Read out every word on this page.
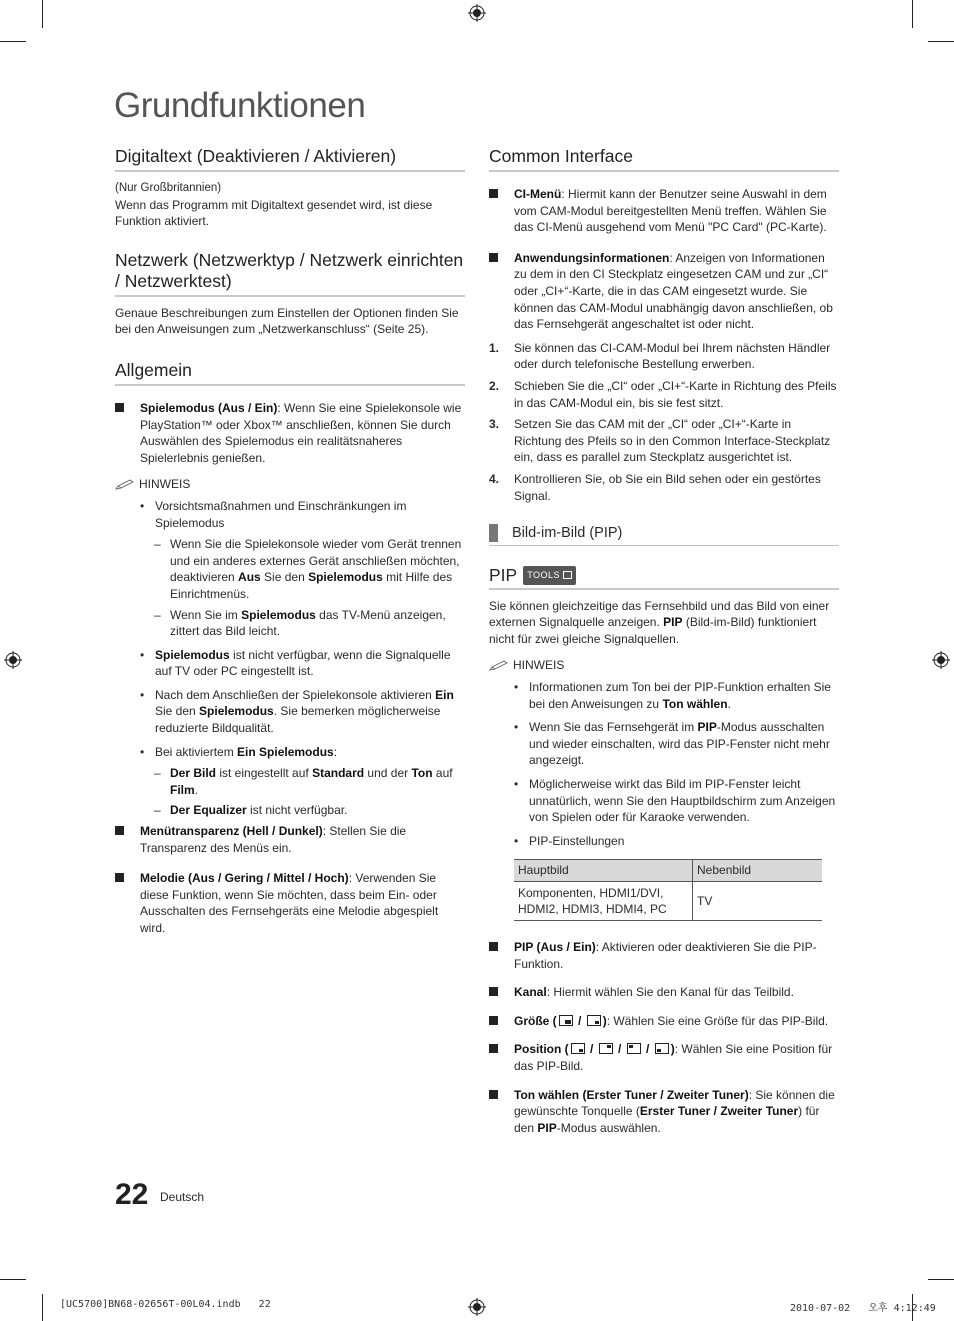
Grundfunktionen
Digitaltext (Deaktivieren / Aktivieren)

(Nur Großbritannien)

Wenn das Programm mit Digitaltext gesendet wird, ist diese Funktion aktiviert.

Netzwerk (Netzwerktyp / Netzwerk einrichten / Netzwerktest)

Genaue Beschreibungen zum Einstellen der Optionen finden Sie bei den Anweisungen zum „Netzwerkanschluss“ (Seite 25).

Allgemein
Spielemodus (Aus / Ein): Wenn Sie eine Spielekonsole wie PlayStation™ oder Xbox™ anschließen, können Sie durch Auswählen des Spielemodus ein realitätsnaheres Spielerlebnis genießen.
HINWEIS
• Vorsichtsmaßnahmen und Einschränkungen im Spielemodus
– Wenn Sie die Spielekonsole wieder vom Gerät trennen und ein anderes externes Gerät anschließen möchten, deaktivieren Aus Sie den Spielemodus mit Hilfe des Einrichtmenüs.
– Wenn Sie im Spielemodus das TV-Menü anzeigen, zittert das Bild leicht.
• Spielemodus ist nicht verfügbar, wenn die Signalquelle auf TV oder PC eingestellt ist.
• Nach dem Anschließen der Spielekonsole aktivieren Ein Sie den Spielemodus. Sie bemerken möglicherweise reduzierte Bildqualität.
• Bei aktiviertem Ein Spielemodus:
– Der Bild ist eingestellt auf Standard und der Ton auf Film.
– Der Equalizer ist nicht verfügbar.
Menütransparenz (Hell / Dunkel): Stellen Sie die Transparenz des Menüs ein.
Melodie (Aus / Gering / Mittel / Hoch): Verwenden Sie diese Funktion, wenn Sie möchten, dass beim Ein- oder Ausschalten des Fernsehgeräts eine Melodie abgespielt wird.
Common Interface
CI-Menü: Hiermit kann der Benutzer seine Auswahl in dem vom CAM-Modul bereitgestellten Menü treffen. Wählen Sie das CI-Menü ausgehend vom Menü "PC Card" (PC-Karte).
Anwendungsinformationen: Anzeigen von Informationen zu dem in den CI Steckplatz eingesetzen CAM und zur „CI“ oder „CI+“-Karte, die in das CAM eingesetzt wurde. Sie können das CAM-Modul unabhängig davon anschließen, ob das Fernsehgerät angeschaltet ist oder nicht.
1. Sie können das CI-CAM-Modul bei Ihrem nächsten Händler oder durch telefonische Bestellung erwerben.
2. Schieben Sie die „CI“ oder „CI+“-Karte in Richtung des Pfeils in das CAM-Modul ein, bis sie fest sitzt.
3. Setzen Sie das CAM mit der „CI“ oder „CI+“-Karte in Richtung des Pfeils so in den Common Interface-Steckplatz ein, dass es parallel zum Steckplatz ausgerichtet ist.
4. Kontrollieren Sie, ob Sie ein Bild sehen oder ein gestörtes Signal.
Bild-im-Bild (PIP)
PIP TOOLS

Sie können gleichzeitige das Fernsehbild und das Bild von einer externen Signalquelle anzeigen. PIP (Bild-im-Bild) funktioniert nicht für zwei gleiche Signalquellen.

HINWEIS
• Informationen zum Ton bei der PIP-Funktion erhalten Sie bei den Anweisungen zu Ton wählen.
• Wenn Sie das Fernsehgerät im PIP-Modus ausschalten und wieder einschalten, wird das PIP-Fenster nicht mehr angezeigt.
• Möglicherweise wirkt das Bild im PIP-Fenster leicht unnatürlich, wenn Sie den Hauptbildschirm zum Anzeigen von Spielen oder für Karaoke verwenden.
• PIP-Einstellungen
Hauptbild	Nebenbild
Komponenten, HDMI1/DVI,
HDMI2, HDMI3, HDMI4, PC	TV
PIP (Aus / Ein): Aktivieren oder deaktivieren Sie die PIP-Funktion.
Kanal: Hiermit wählen Sie den Kanal für das Teilbild.
Größe (
/
): Wählen Sie eine Größe für das PIP-Bild.
Position (
/
/
/
): Wählen Sie eine Position für das PIP-Bild.
Ton wählen (Erster Tuner / Zweiter Tuner): Sie können die gewünschte Tonquelle (Erster Tuner / Zweiter Tuner) für den PIP-Modus auswählen.
22 Deutsch
[UC5700]BN68-02656T-00L04.indb   22	2010-07-02   오후 4:12:49
